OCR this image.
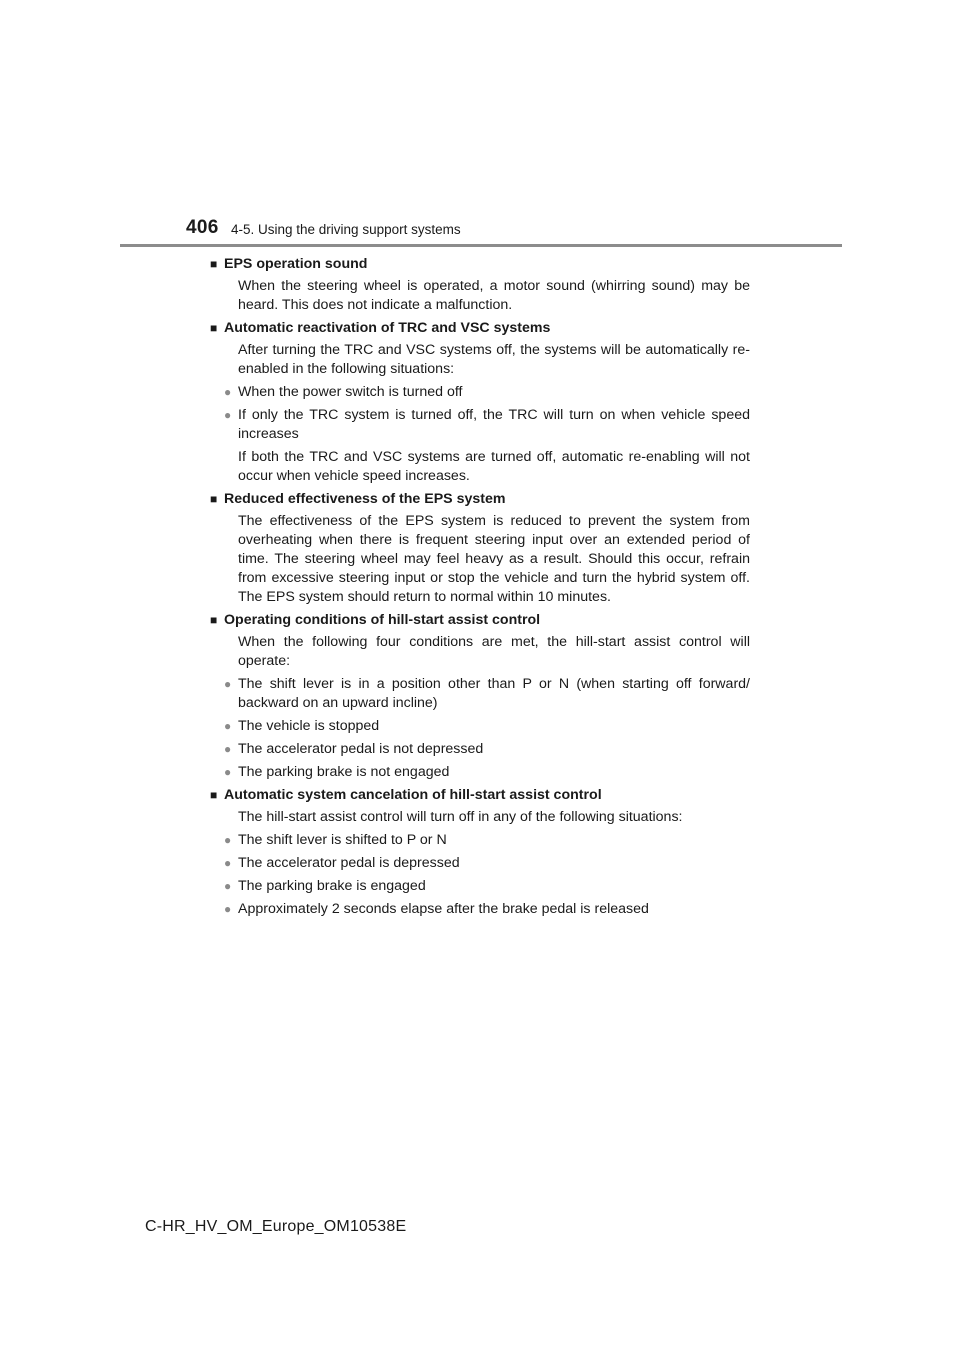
406 4-5. Using the driving support systems
■ EPS operation sound
When the steering wheel is operated, a motor sound (whirring sound) may be heard. This does not indicate a malfunction.
■ Automatic reactivation of TRC and VSC systems
After turning the TRC and VSC systems off, the systems will be automatically re-enabled in the following situations:
● When the power switch is turned off
● If only the TRC system is turned off, the TRC will turn on when vehicle speed increases
If both the TRC and VSC systems are turned off, automatic re-enabling will not occur when vehicle speed increases.
■ Reduced effectiveness of the EPS system
The effectiveness of the EPS system is reduced to prevent the system from overheating when there is frequent steering input over an extended period of time. The steering wheel may feel heavy as a result. Should this occur, refrain from excessive steering input or stop the vehicle and turn the hybrid system off. The EPS system should return to normal within 10 minutes.
■ Operating conditions of hill-start assist control
When the following four conditions are met, the hill-start assist control will operate:
● The shift lever is in a position other than P or N (when starting off forward/ backward on an upward incline)
● The vehicle is stopped
● The accelerator pedal is not depressed
● The parking brake is not engaged
■ Automatic system cancelation of hill-start assist control
The hill-start assist control will turn off in any of the following situations:
● The shift lever is shifted to P or N
● The accelerator pedal is depressed
● The parking brake is engaged
● Approximately 2 seconds elapse after the brake pedal is released
C-HR_HV_OM_Europe_OM10538E
